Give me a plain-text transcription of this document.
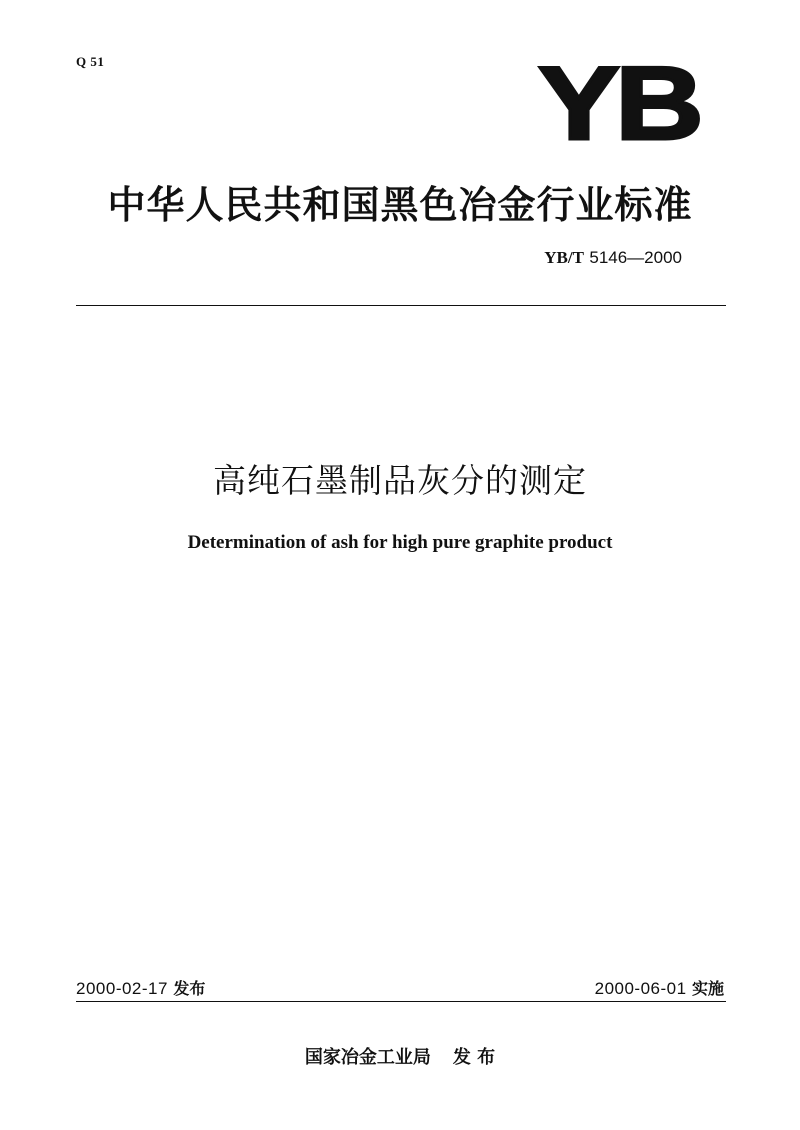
Q 51	YB
中华人民共和国黑色冶金行业标准
YB/T 5146—2000
高纯石墨制品灰分的测定
Determination of ash for high pure graphite product
2000-02-17 发布	2000-06-01 实施
国家冶金工业局 发 布
